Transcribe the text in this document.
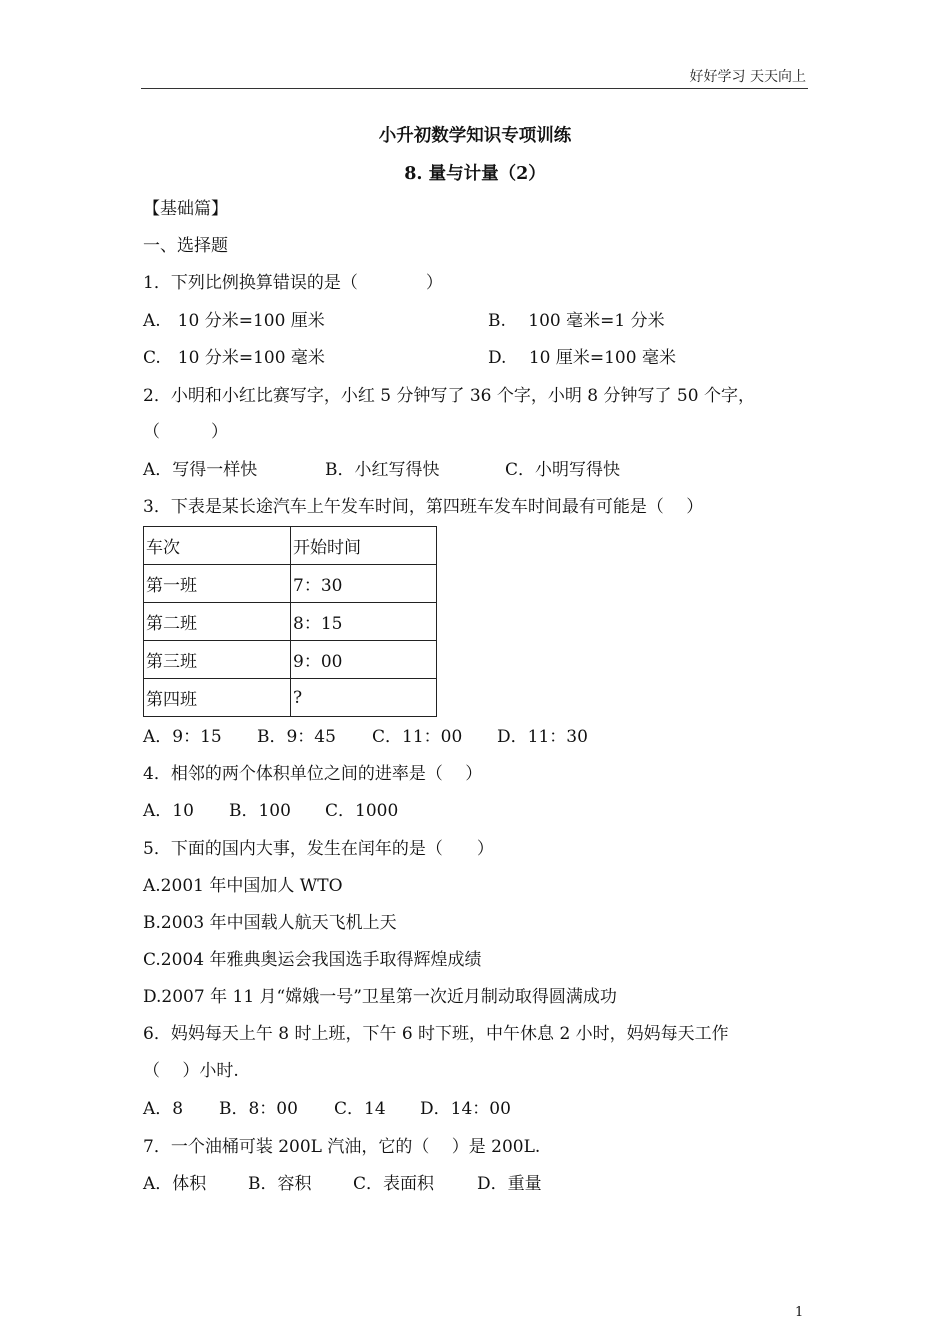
好好学习 天天向上
小升初数学知识专项训练
8. 量与计量（2）
【基础篇】
一、选择题
1．下列比例换算错误的是（　　　　）
A.　10 分米=100 厘米	B.　 100 毫米=1 分米
C.　10 分米=100 毫米	D.　 10 厘米=100 毫米
2．小明和小红比赛写字，小红 5 分钟写了 36 个字，小明 8 分钟写了 50 个字，
（　　　）
A．写得一样快	B．小红写得快	C．小明写得快
3．下表是某长途汽车上午发车时间，第四班车发车时间最有可能是（　 ）
车次	开始时间
第一班	7：30
第二班	8：15
第三班	9：00
第四班	?
A．9：15 B．9：45 C．11：00 D．11：30
4．相邻的两个体积单位之间的进率是（　 ）
A．10 B．100 C．1000
5．下面的国内大事，发生在闰年的是（　　）
A.2001 年中国加人 WTO
B.2003 年中国载人航天飞机上天
C.2004 年雅典奥运会我国选手取得辉煌成绩
D.2007 年 11 月“嫦娥一号”卫星第一次近月制动取得圆满成功
6．妈妈每天上午 8 时上班，下午 6 时下班，中午休息 2 小时，妈妈每天工作
（　 ）小时.
A．8 B．8：00 C．14 D．14：00
7．一个油桶可装 200L 汽油，它的（　 ）是 200L.
A．体积 B．容积 C．表面积	D．重量
1
